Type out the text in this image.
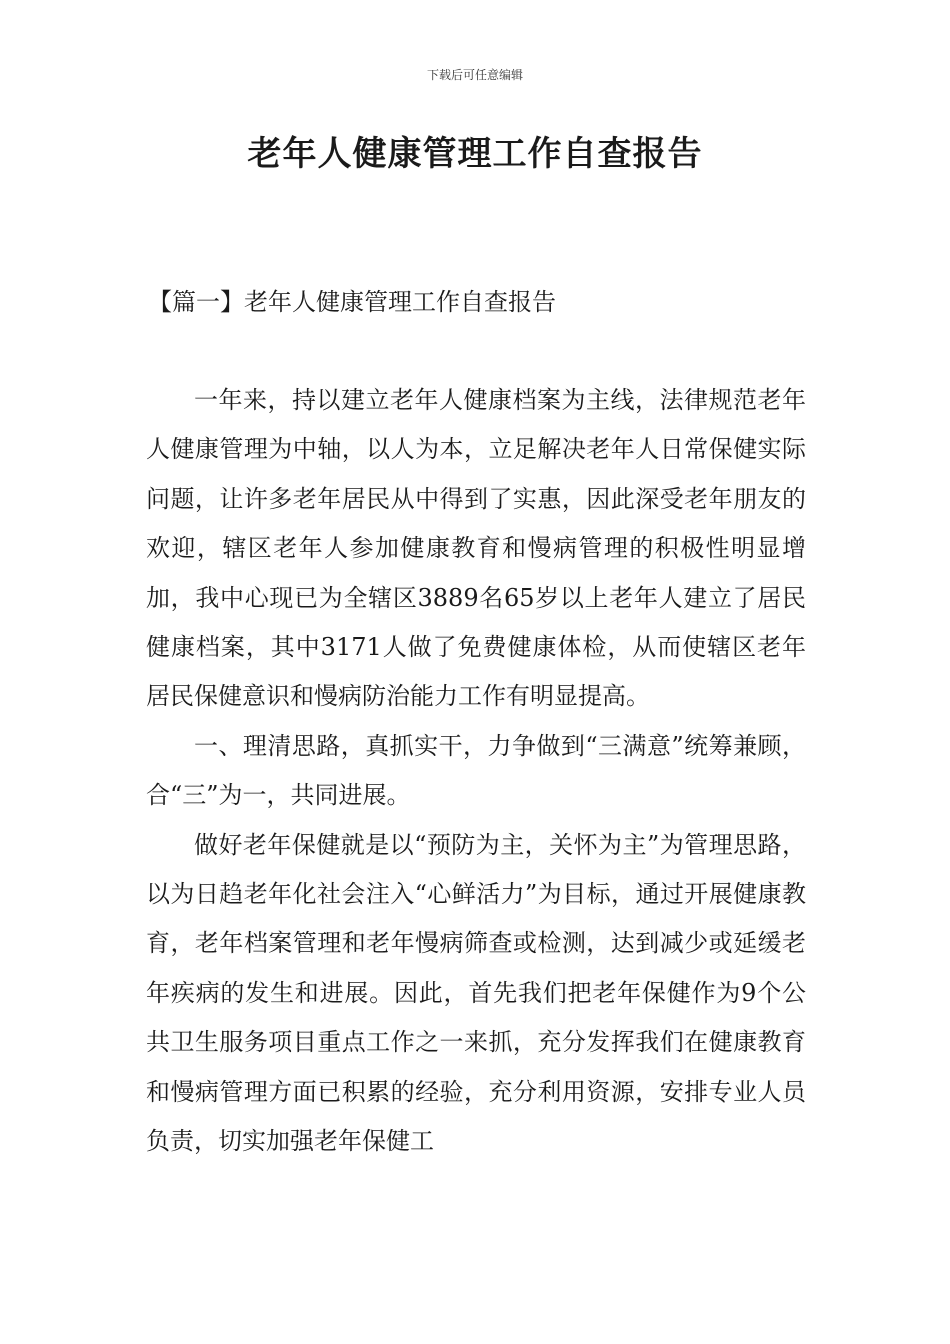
下载后可任意编辑
老年人健康管理工作自查报告
【篇一】老年人健康管理工作自查报告

一年来，持以建立老年人健康档案为主线，法律规范老年人健康管理为中轴，以人为本，立足解决老年人日常保健实际问题，让许多老年居民从中得到了实惠，因此深受老年朋友的欢迎，辖区老年人参加健康教育和慢病管理的积极性明显增加，我中心现已为全辖区3889名65岁以上老年人建立了居民健康档案，其中3171人做了免费健康体检，从而使辖区老年居民保健意识和慢病防治能力工作有明显提高。

一、理清思路，真抓实干，力争做到“三满意”统筹兼顾，合“三”为一，共同进展。

做好老年保健就是以“预防为主，关怀为主”为管理思路，以为日趋老年化社会注入“心鲜活力”为目标，通过开展健康教育，老年档案管理和老年慢病筛查或检测，达到减少或延缓老年疾病的发生和进展。因此，首先我们把老年保健作为9个公共卫生服务项目重点工作之一来抓，充分发挥我们在健康教育和慢病管理方面已积累的经验，充分利用资源，安排专业人员负责，切实加强老年保健工
